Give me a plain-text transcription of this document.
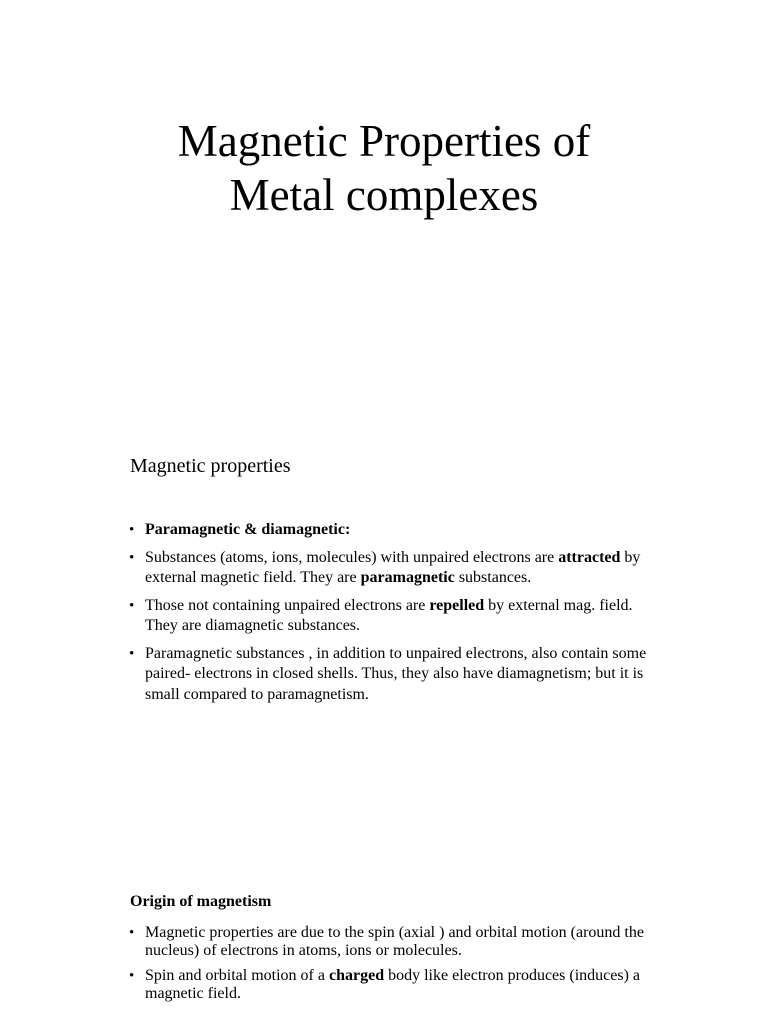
Magnetic Properties of
Metal complexes
Magnetic properties
• Paramagnetic & diamagnetic:
• Substances (atoms, ions, molecules) with unpaired electrons are attracted by external magnetic field. They are paramagnetic substances.
• Those not containing unpaired electrons are repelled by external mag. field. They are diamagnetic substances.
• Paramagnetic substances , in addition to unpaired electrons, also contain some paired- electrons in closed shells. Thus, they also have diamagnetism; but it is small compared to paramagnetism.
Origin of magnetism
• Magnetic properties are due to the spin (axial ) and orbital motion (around the nucleus) of electrons in atoms, ions or molecules.
• Spin and orbital motion of a charged body like electron produces (induces) a magnetic field.
